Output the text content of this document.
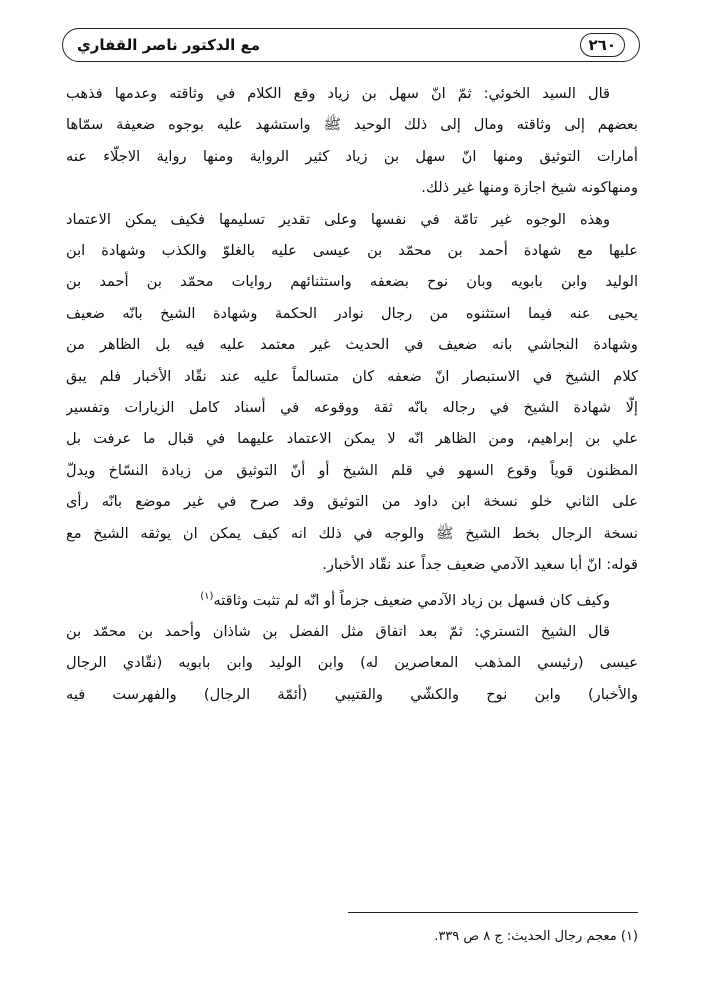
٢٦٠
مع الدكتور ناصر القفاري
قال السيد الخوئي: ثمّ انّ سهل بن زياد وقع الكلام في وثاقته وعدمها فذهب
بعضهم إلى وثاقته ومال إلى ذلك الوحيد ﷺ واستشهد عليه بوجوه ضعيفة سمّاها
أمارات التوثيق ومنها انّ سهل بن زياد كثير الرواية ومنها رواية الاجلّاء عنه
ومنهاكونه شيخ اجازة ومنها غير ذلك.
وهذه الوجوه غير تامّة في نفسها وعلى تقدير تسليمها فكيف يمكن الاعتماد
عليها مع شهادة أحمد بن محمّد بن عيسى عليه بالغلوّ والكذب وشهادة ابن
الوليد وابن بابويه وبان نوح بضعفه واستثنائهم روايات محمّد بن أحمد بن
يحيى عنه فيما استثنوه من رجال نوادر الحكمة وشهادة الشيخ بانّه ضعيف
وشهادة النجاشي بانه ضعيف في الحديث غير معتمد عليه فيه بل الظاهر من
كلام الشيخ في الاستبصار انّ ضعفه كان متسالماً عليه عند نقّاد الأخبار فلم يبق
إلّا شهادة الشيخ في رجاله بانّه ثقة ووقوعه في أسناد كامل الزيارات وتفسير
علي بن إبراهيم، ومن الظاهر انّه لا يمكن الاعتماد عليهما في قبال ما عرفت بل
المظنون قوياً وقوع السهو في قلم الشيخ أو أنّ التوثيق من زيادة النسّاخ ويدلّ
على الثاني خلو نسخة ابن داود من التوثيق وقد صرح في غير موضع بانّه رأى
نسخة الرجال بخط الشيخ ﷺ والوجه في ذلك انه كيف يمكن ان يوثقه الشيخ مع
قوله: انّ أبا سعيد الآدمي ضعيف جداً عند نقّاد الأخبار.
وكيف كان فسهل بن زياد الآدمي ضعيف جزماً أو انّه لم تثبت وثاقته$^{(١)}$
قال الشيخ التستري: ثمّ بعد اتفاق مثل الفضل بن شاذان وأحمد بن محمّد بن
عيسى (رئيسي المذهب المعاصرين له) وابن الوليد وابن بابويه (نقّادي الرجال
والأخبار) وابن نوح والكشّي والقتيبي (أئمّة الرجال) والفهرست فيه
(١) معجم رجال الحديث: ج ٨ ص ٣٣٩.
